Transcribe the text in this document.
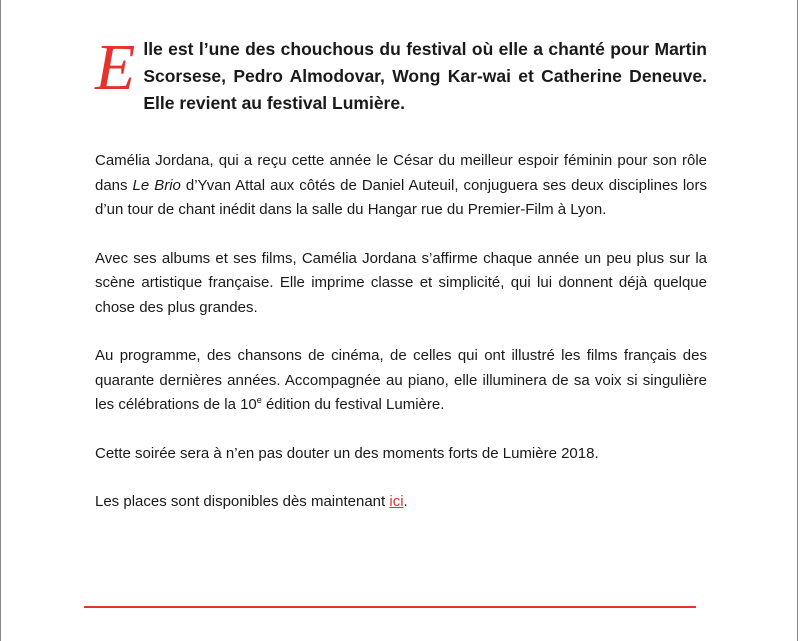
Elle est l’une des chouchous du festival où elle a chanté pour Martin Scorsese, Pedro Almodovar, Wong Kar-wai et Catherine Deneuve. Elle revient au festival Lumière.

Camélia Jordana, qui a reçu cette année le César du meilleur espoir féminin pour son rôle dans Le Brio d’Yvan Attal aux côtés de Daniel Auteuil, conjuguera ses deux disciplines lors d’un tour de chant inédit dans la salle du Hangar rue du Premier-Film à Lyon.

Avec ses albums et ses films, Camélia Jordana s’affirme chaque année un peu plus sur la scène artistique française. Elle imprime classe et simplicité, qui lui donnent déjà quelque chose des plus grandes.

Au programme, des chansons de cinéma, de celles qui ont illustré les films français des quarante dernières années. Accompagnée au piano, elle illuminera de sa voix si singulière les célébrations de la 10e édition du festival Lumière.

Cette soirée sera à n’en pas douter un des moments forts de Lumière 2018.

Les places sont disponibles dès maintenant ici.
